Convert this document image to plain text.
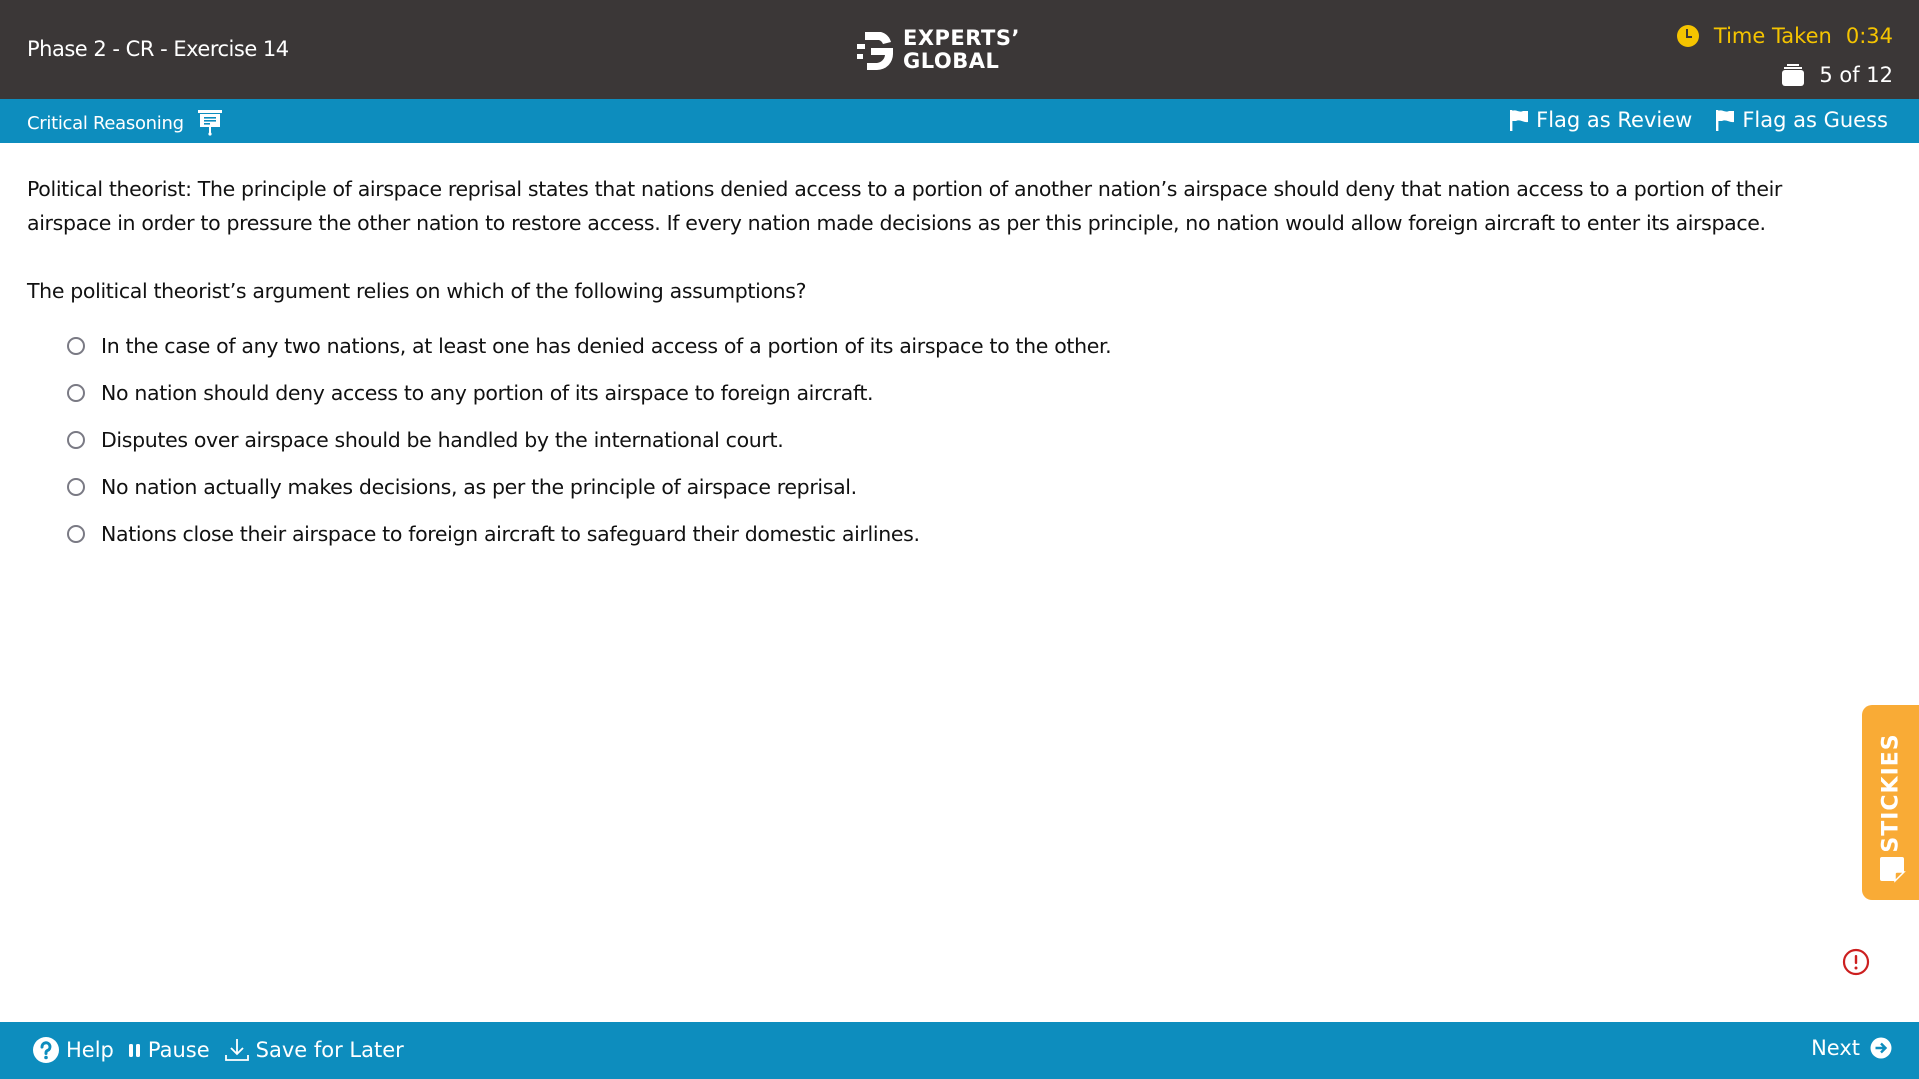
Phase 2 - CR - Exercise 14	EXPERTS’
GLOBAL
Time Taken 0:34
5 of 12
Critical Reasoning	Flag as Review Flag as Guess

Political theorist: The principle of airspace reprisal states that nations denied access to a portion of another nation’s airspace should deny that nation access to a portion of their airspace in order to pressure the other nation to restore access. If every nation made decisions as per this principle, no nation would allow foreign aircraft to enter its airspace.

The political theorist’s argument relies on which of the following assumptions?

In the case of any two nations, at least one has denied access of a portion of its airspace to the other.
No nation should deny access to any portion of its airspace to foreign aircraft.
Disputes over airspace should be handled by the international court.
No nation actually makes decisions, as per the principle of airspace reprisal.
Nations close their airspace to foreign aircraft to safeguard their domestic airlines.
STICKIES
Help Pause Save for Later	Next
